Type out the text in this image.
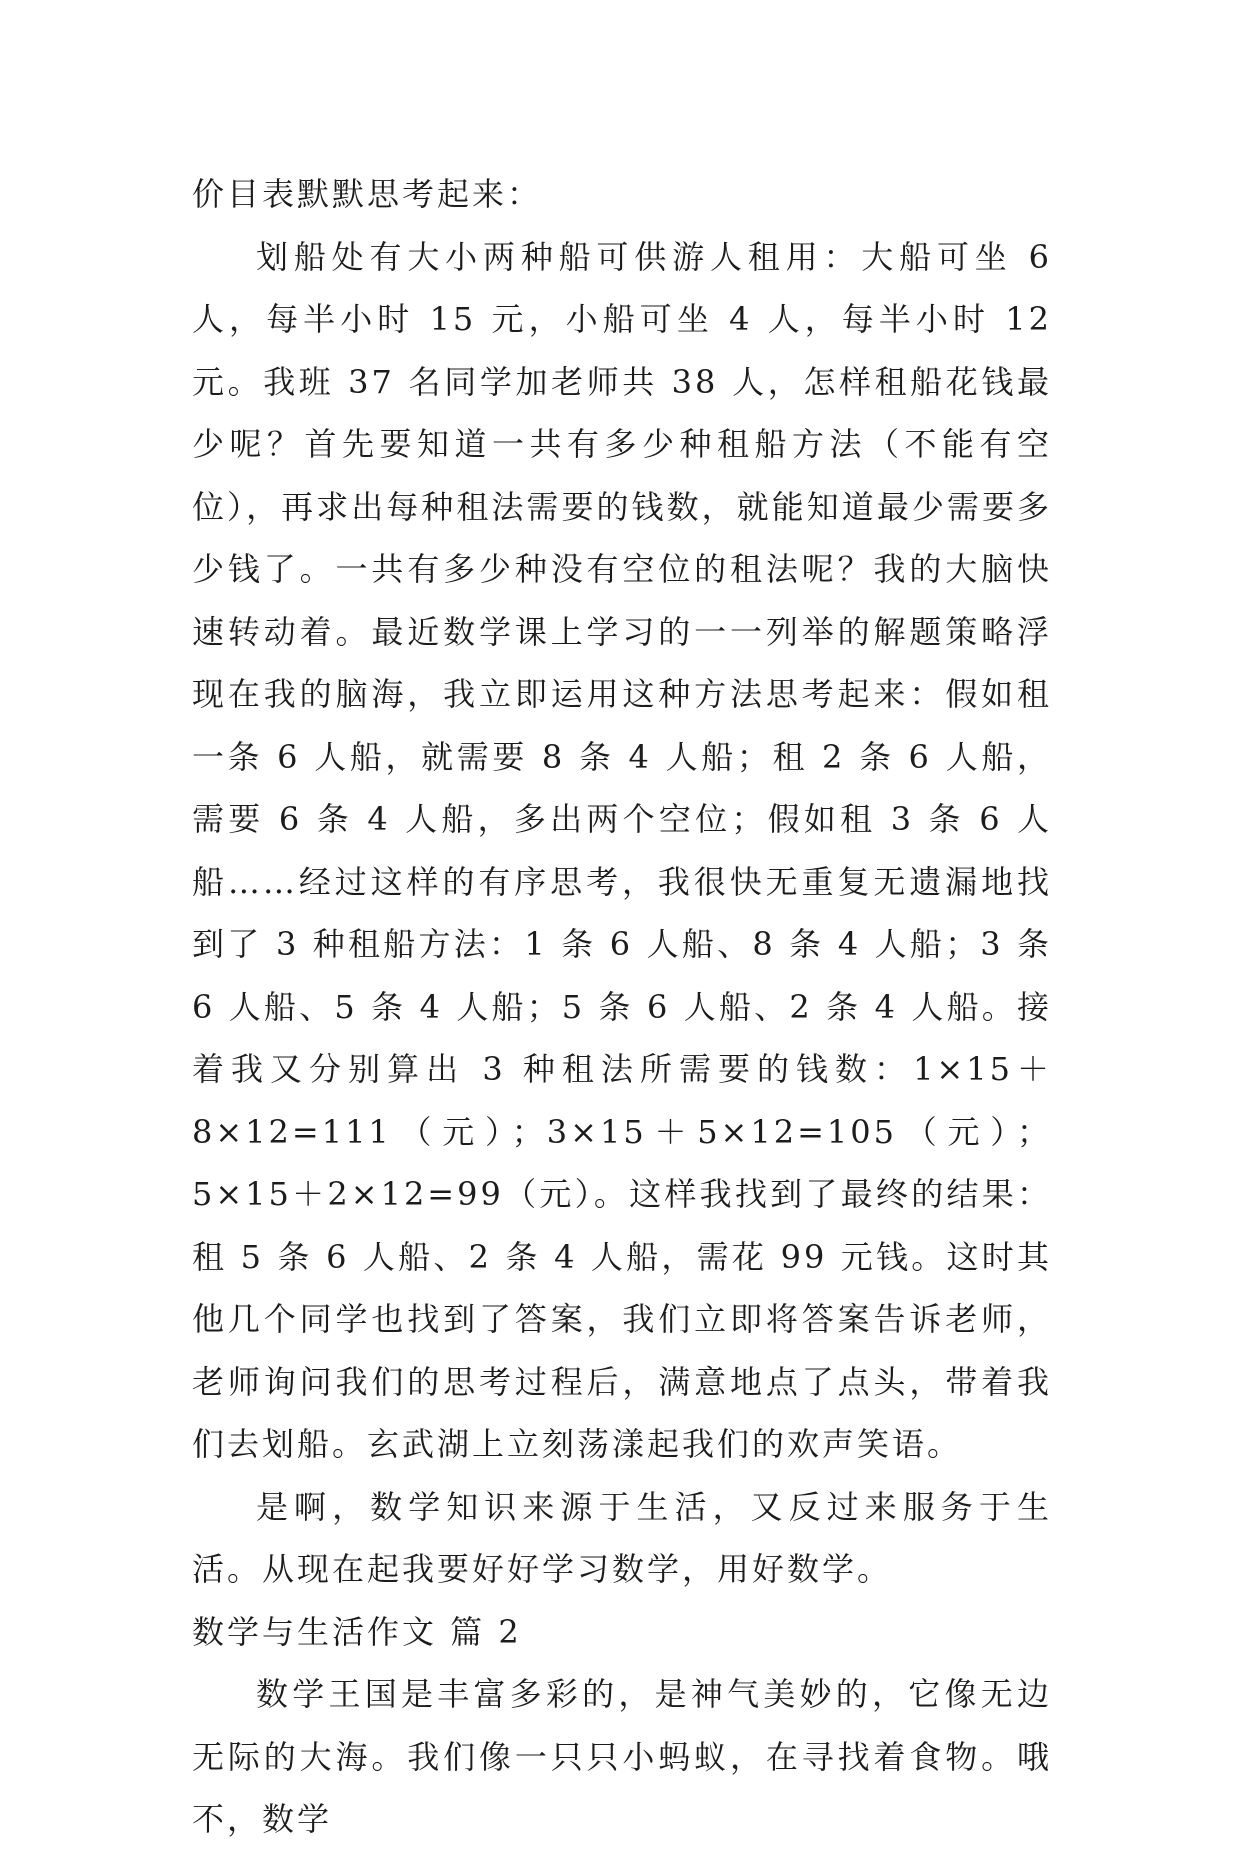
价目表默默思考起来：

划船处有大小两种船可供游人租用：大船可坐 6 人，每半小时 15 元，小船可坐 4 人，每半小时 12 元。我班 37 名同学加老师共 38 人，怎样租船花钱最少呢？首先要知道一共有多少种租船方法（不能有空位），再求出每种租法需要的钱数，就能知道最少需要多少钱了。一共有多少种没有空位的租法呢？我的大脑快速转动着。最近数学课上学习的一一列举的解题策略浮现在我的脑海，我立即运用这种方法思考起来：假如租一条 6 人船，就需要 8 条 4 人船；租 2 条 6 人船，需要 6 条 4 人船，多出两个空位；假如租 3 条 6 人船……经过这样的有序思考，我很快无重复无遗漏地找到了 3 种租船方法：1 条 6 人船、8 条 4 人船；3 条 6 人船、5 条 4 人船；5 条 6 人船、2 条 4 人船。接着我又分别算出 3 种租法所需要的钱数：1×15＋8×12=111（元）；3×15＋5×12=105（元）；5×15＋2×12=99（元）。这样我找到了最终的结果：租 5 条 6 人船、2 条 4 人船，需花 99 元钱。这时其他几个同学也找到了答案，我们立即将答案告诉老师，老师询问我们的思考过程后，满意地点了点头，带着我们去划船。玄武湖上立刻荡漾起我们的欢声笑语。

是啊，数学知识来源于生活，又反过来服务于生活。从现在起我要好好学习数学，用好数学。

数学与生活作文 篇 2

数学王国是丰富多彩的，是神气美妙的，它像无边无际的大海。我们像一只只小蚂蚁，在寻找着食物。哦不，数学
